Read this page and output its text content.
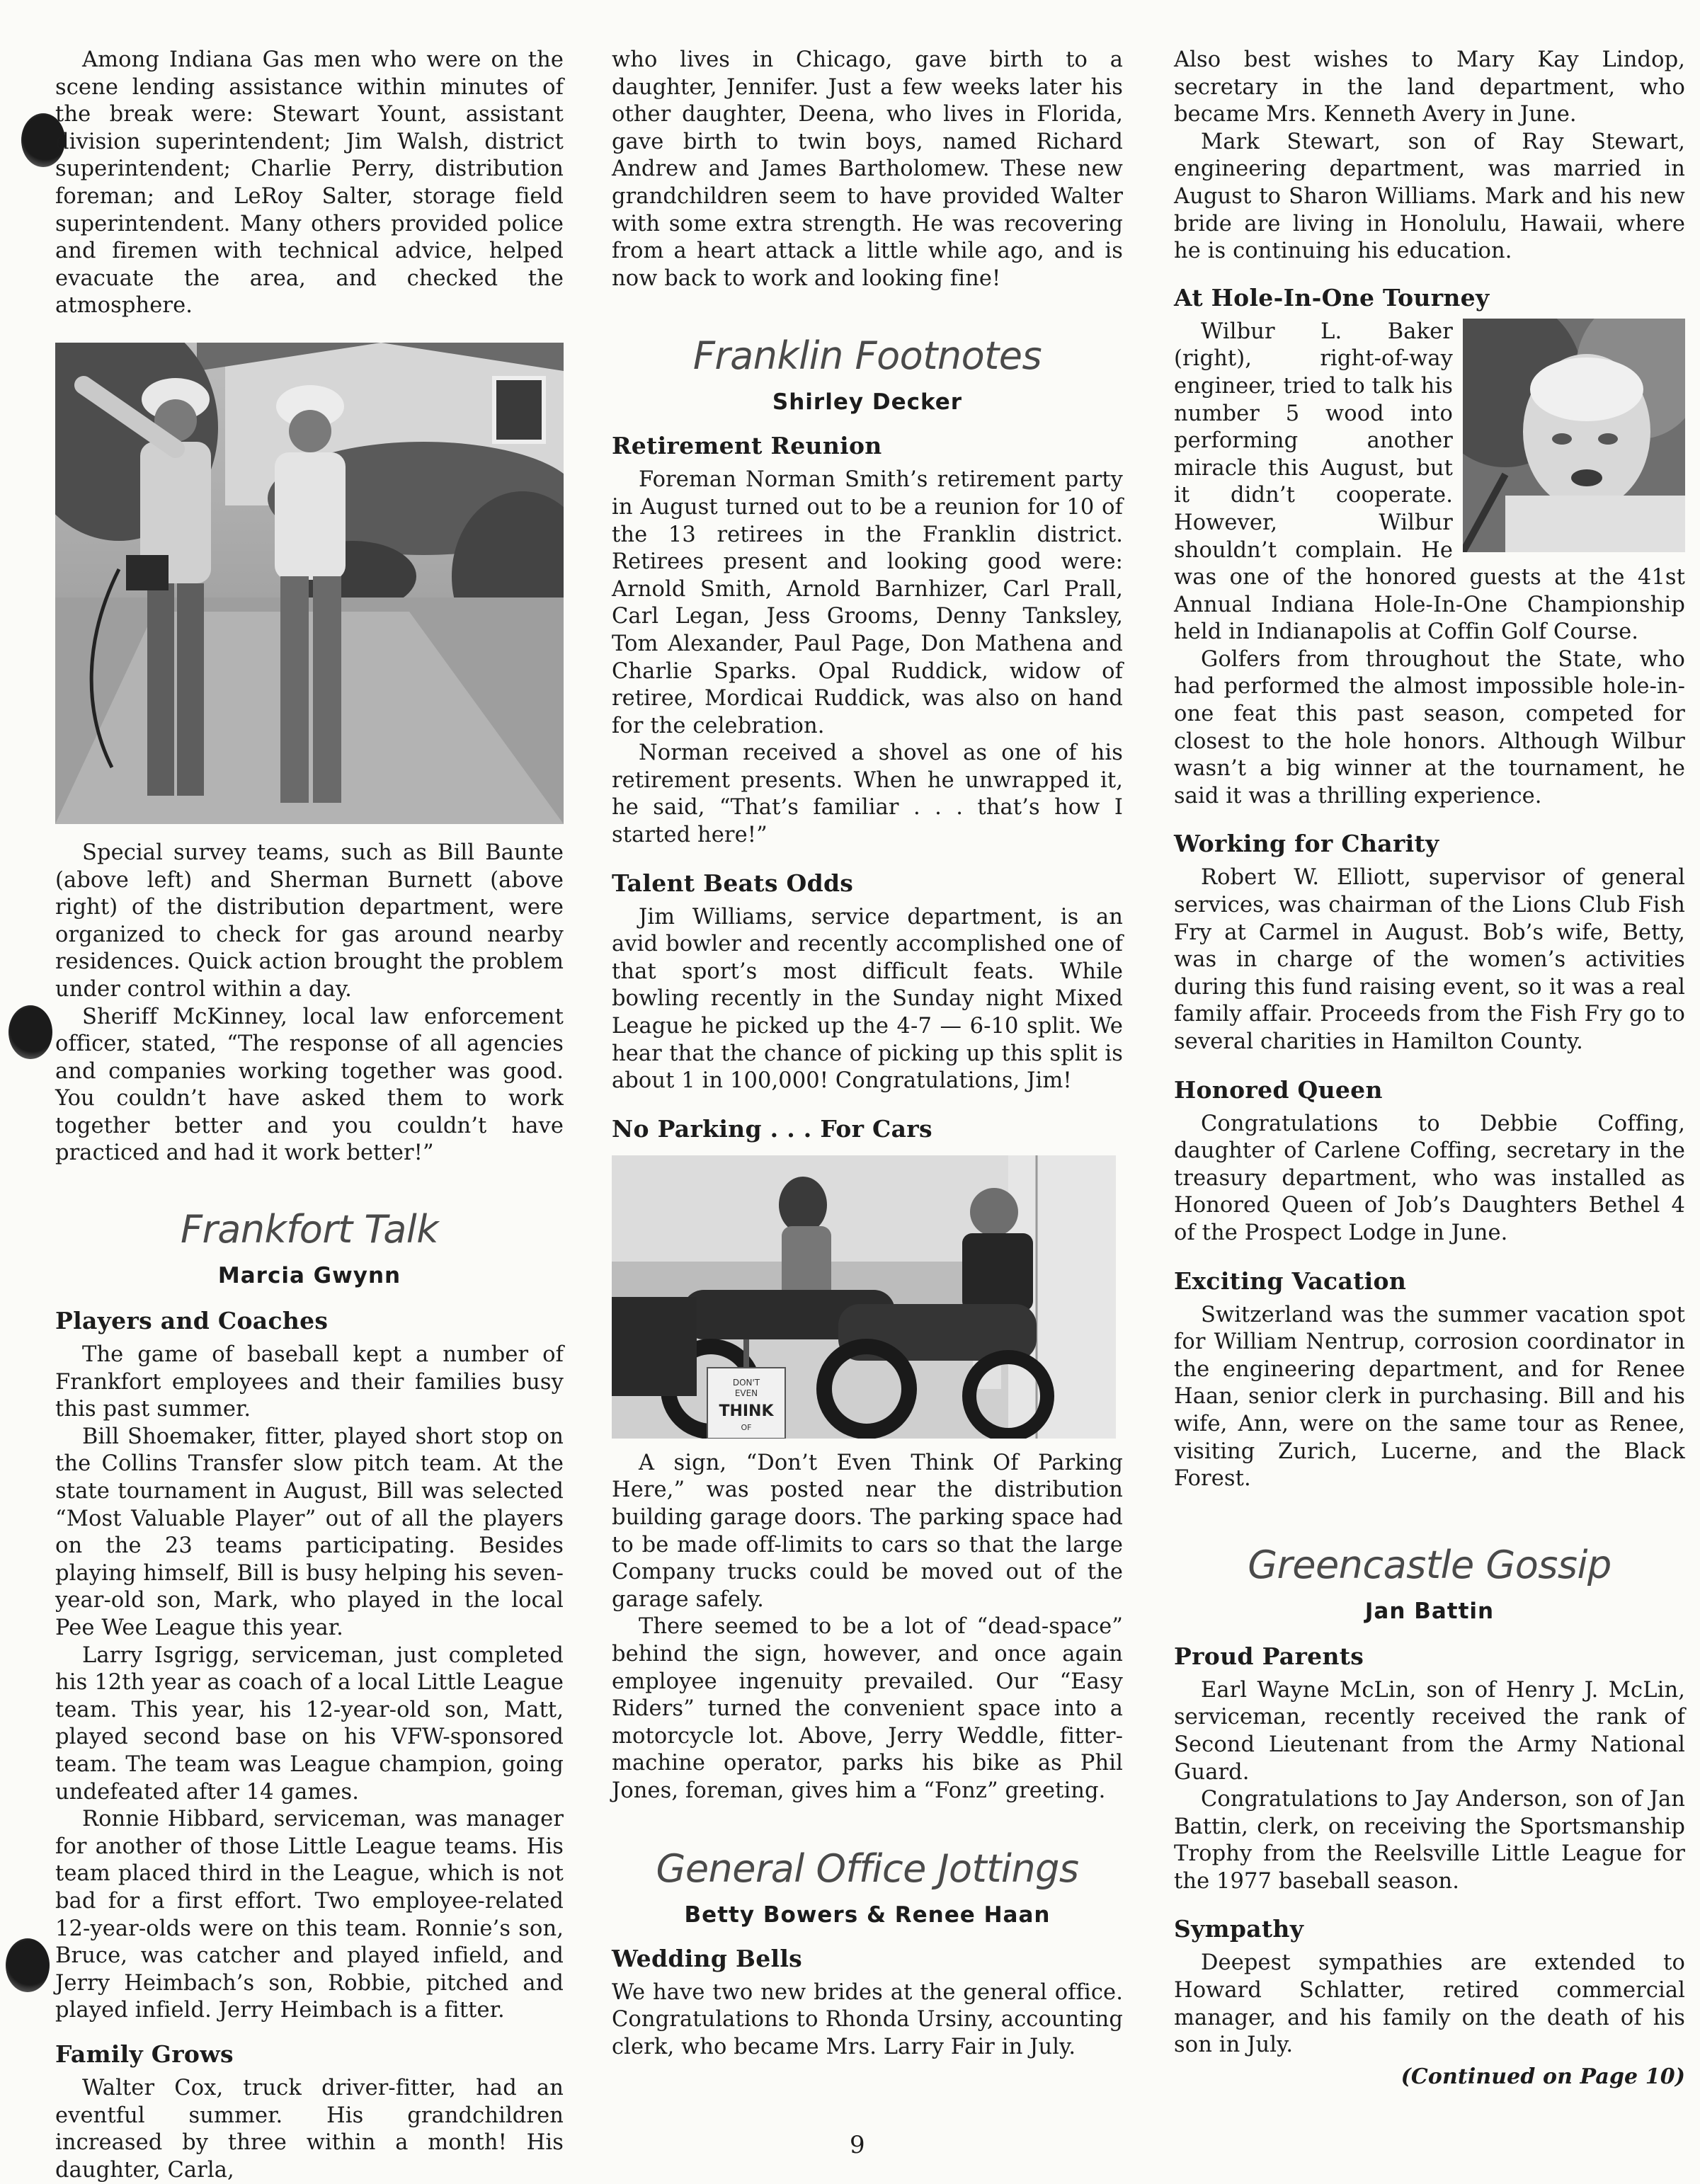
Among Indiana Gas men who were on the scene lending assistance within minutes of the break were: Stewart Yount, assistant division superintendent; Jim Walsh, district superintendent; Charlie Perry, distribution foreman; and LeRoy Salter, storage field superintendent. Many others provided police and firemen with technical advice, helped evacuate the area, and checked the atmosphere.

Special survey teams, such as Bill Baunte (above left) and Sherman Burnett (above right) of the distribution department, were organized to check for gas around nearby residences. Quick action brought the problem under control within a day.

Sheriff McKinney, local law enforcement officer, stated, “The response of all agencies and companies working together was good. You couldn’t have asked them to work together better and you couldn’t have practiced and had it work better!”

Frankfort Talk
Marcia Gwynn
Players and Coaches

The game of baseball kept a number of Frankfort employees and their families busy this past summer.

Bill Shoemaker, fitter, played short stop on the Collins Transfer slow pitch team. At the state tournament in August, Bill was selected “Most Valuable Player” out of all the players on the 23 teams participating. Besides playing himself, Bill is busy helping his seven-year-old son, Mark, who played in the local Pee Wee League this year.

Larry Isgrigg, serviceman, just completed his 12th year as coach of a local Little League team. This year, his 12-year-old son, Matt, played second base on his VFW-sponsored team. The team was League champion, going undefeated after 14 games.

Ronnie Hibbard, serviceman, was manager for another of those Little League teams. His team placed third in the League, which is not bad for a first effort. Two employee-related 12-year-olds were on this team. Ronnie’s son, Bruce, was catcher and played infield, and Jerry Heimbach’s son, Robbie, pitched and played infield. Jerry Heimbach is a fitter.

Family Grows

Walter Cox, truck driver-fitter, had an eventful summer. His grandchildren increased by three within a month! His daughter, Carla,

who lives in Chicago, gave birth to a daughter, Jennifer. Just a few weeks later his other daughter, Deena, who lives in Florida, gave birth to twin boys, named Richard Andrew and James Bartholomew. These new grandchildren seem to have provided Walter with some extra strength. He was recovering from a heart attack a little while ago, and is now back to work and looking fine!

Franklin Footnotes
Shirley Decker
Retirement Reunion

Foreman Norman Smith’s retirement party in August turned out to be a reunion for 10 of the 13 retirees in the Franklin district. Retirees present and looking good were: Arnold Smith, Arnold Barnhizer, Carl Prall, Carl Legan, Jess Grooms, Denny Tanksley, Tom Alexander, Paul Page, Don Mathena and Charlie Sparks. Opal Ruddick, widow of retiree, Mordicai Ruddick, was also on hand for the celebration.

Norman received a shovel as one of his retirement presents. When he unwrapped it, he said, “That’s familiar . . . that’s how I started here!”

Talent Beats Odds

Jim Williams, service department, is an avid bowler and recently accomplished one of that sport’s most difficult feats. While bowling recently in the Sunday night Mixed League he picked up the 4-7 — 6-10 split. We hear that the chance of picking up this split is about 1 in 100,000! Congratulations, Jim!

No Parking . . . For Cars
DON'T
EVEN
THINK
OF

A sign, “Don’t Even Think Of Parking Here,” was posted near the distribution building garage doors. The parking space had to be made off-limits to cars so that the large Company trucks could be moved out of the garage safely.

There seemed to be a lot of “dead-space” behind the sign, however, and once again employee ingenuity prevailed. Our “Easy Riders” turned the convenient space into a motorcycle lot. Above, Jerry Weddle, fitter-machine operator, parks his bike as Phil Jones, foreman, gives him a “Fonz” greeting.

General Office Jottings
Betty Bowers & Renee Haan
Wedding Bells

We have two new brides at the general office. Congratulations to Rhonda Ursiny, accounting clerk, who became Mrs. Larry Fair in July.

Also best wishes to Mary Kay Lindop, secretary in the land department, who became Mrs. Kenneth Avery in June.

Mark Stewart, son of Ray Stewart, engineering department, was married in August to Sharon Williams. Mark and his new bride are living in Honolulu, Hawaii, where he is continuing his education.

At Hole-In-One Tourney

Wilbur L. Baker (right), right-of-way engineer, tried to talk his number 5 wood into performing another miracle this August, but it didn’t cooperate. However, Wilbur shouldn’t complain. He was one of the honored guests at the 41st Annual Indiana Hole-In-One Championship held in Indianapolis at Coffin Golf Course.

Golfers from throughout the State, who had performed the almost impossible hole-in-one feat this past season, competed for closest to the hole honors. Although Wilbur wasn’t a big winner at the tournament, he said it was a thrilling experience.

Working for Charity

Robert W. Elliott, supervisor of general services, was chairman of the Lions Club Fish Fry at Carmel in August. Bob’s wife, Betty, was in charge of the women’s activities during this fund raising event, so it was a real family affair. Proceeds from the Fish Fry go to several charities in Hamilton County.

Honored Queen

Congratulations to Debbie Coffing, daughter of Carlene Coffing, secretary in the treasury department, who was installed as Honored Queen of Job’s Daughters Bethel 4 of the Prospect Lodge in June.

Exciting Vacation

Switzerland was the summer vacation spot for William Nentrup, corrosion coordinator in the engineering department, and for Renee Haan, senior clerk in purchasing. Bill and his wife, Ann, were on the same tour as Renee, visiting Zurich, Lucerne, and the Black Forest.

Greencastle Gossip
Jan Battin
Proud Parents

Earl Wayne McLin, son of Henry J. McLin, serviceman, recently received the rank of Second Lieutenant from the Army National Guard.

Congratulations to Jay Anderson, son of Jan Battin, clerk, on receiving the Sportsmanship Trophy from the Reelsville Little League for the 1977 baseball season.

Sympathy

Deepest sympathies are extended to Howard Schlatter, retired commercial manager, and his family on the death of his son in July.

(Continued on Page 10)

9
